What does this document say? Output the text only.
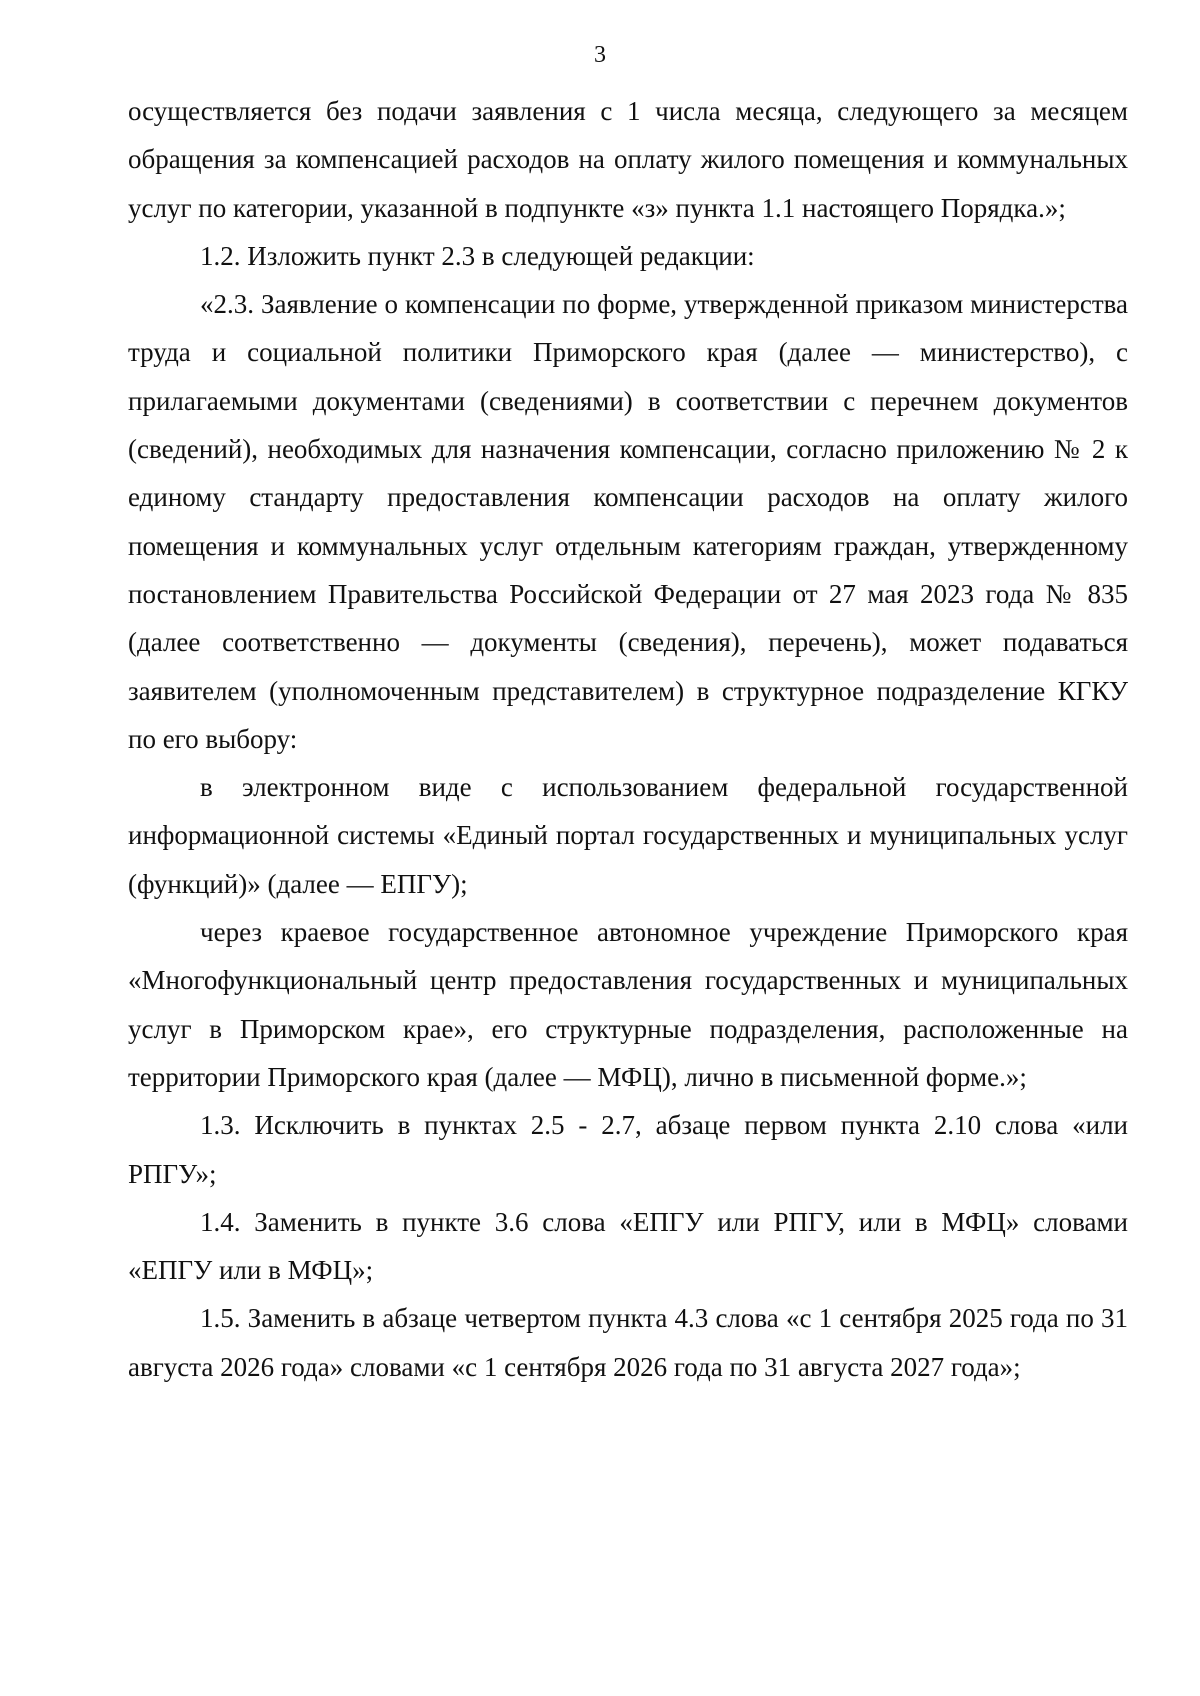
3

осуществляется без подачи заявления с 1 числа месяца, следующего за месяцем обращения за компенсацией расходов на оплату жилого помещения и коммунальных услуг по категории, указанной в подпункте «з» пункта 1.1 настоящего Порядка.»;

1.2. Изложить пункт 2.3 в следующей редакции:

«2.3. Заявление о компенсации по форме, утвержденной приказом министерства труда и социальной политики Приморского края (далее — министерство), с прилагаемыми документами (сведениями) в соответствии с перечнем документов (сведений), необходимых для назначения компенсации, согласно приложению № 2 к единому стандарту предоставления компенсации расходов на оплату жилого помещения и коммунальных услуг отдельным категориям граждан, утвержденному постановлением Правительства Российской Федерации от 27 мая 2023 года № 835 (далее соответственно — документы (сведения), перечень), может подаваться заявителем (уполномоченным представителем) в структурное подразделение КГКУ по его выбору:

в электронном виде с использованием федеральной государственной информационной системы «Единый портал государственных и муниципальных услуг (функций)» (далее — ЕПГУ);

через краевое государственное автономное учреждение Приморского края «Многофункциональный центр предоставления государственных и муниципальных услуг в Приморском крае», его структурные подразделения, расположенные на территории Приморского края (далее — МФЦ), лично в письменной форме.»;

1.3. Исключить в пунктах 2.5 - 2.7, абзаце первом пункта 2.10 слова «или РПГУ»;

1.4. Заменить в пункте 3.6 слова «ЕПГУ или РПГУ, или в МФЦ» словами «ЕПГУ или в МФЦ»;

1.5. Заменить в абзаце четвертом пункта 4.3 слова «с 1 сентября 2025 года по 31 августа 2026 года» словами «с 1 сентября 2026 года по 31 августа 2027 года»;
